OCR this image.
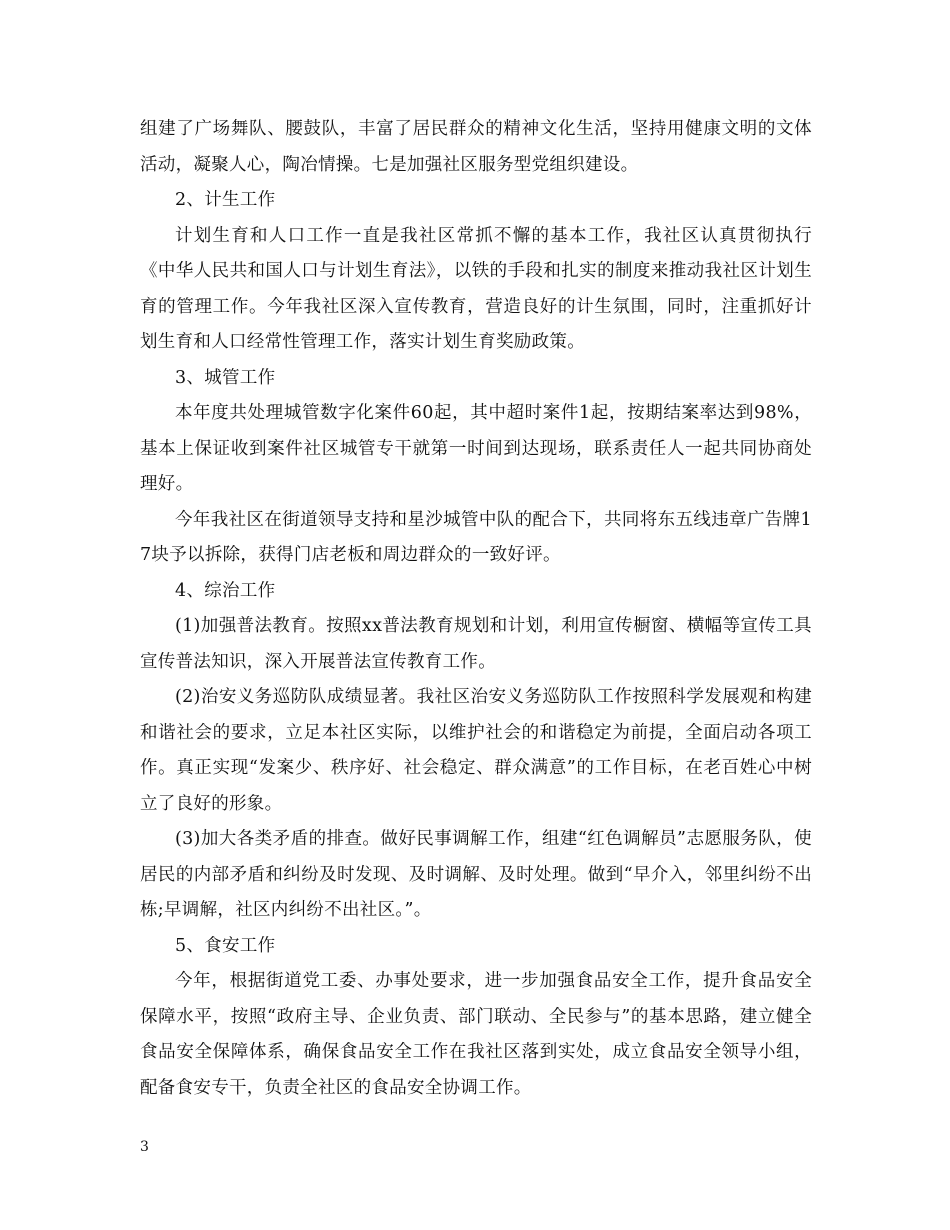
组建了广场舞队、腰鼓队，丰富了居民群众的精神文化生活，坚持用健康文明的文体活动，凝聚人心，陶冶情操。七是加强社区服务型党组织建设。

2、计生工作

计划生育和人口工作一直是我社区常抓不懈的基本工作，我社区认真贯彻执行《中华人民共和国人口与计划生育法》，以铁的手段和扎实的制度来推动我社区计划生育的管理工作。今年我社区深入宣传教育，营造良好的计生氛围，同时，注重抓好计划生育和人口经常性管理工作，落实计划生育奖励政策。

3、城管工作

本年度共处理城管数字化案件60起，其中超时案件1起，按期结案率达到98%，基本上保证收到案件社区城管专干就第一时间到达现场，联系责任人一起共同协商处理好。

今年我社区在街道领导支持和星沙城管中队的配合下，共同将东五线违章广告牌17块予以拆除，获得门店老板和周边群众的一致好评。

4、综治工作

(1)加强普法教育。按照xx普法教育规划和计划，利用宣传橱窗、横幅等宣传工具宣传普法知识，深入开展普法宣传教育工作。

(2)治安义务巡防队成绩显著。我社区治安义务巡防队工作按照科学发展观和构建和谐社会的要求，立足本社区实际，以维护社会的和谐稳定为前提，全面启动各项工作。真正实现“发案少、秩序好、社会稳定、群众满意”的工作目标，在老百姓心中树立了良好的形象。

(3)加大各类矛盾的排查。做好民事调解工作，组建“红色调解员”志愿服务队，使居民的内部矛盾和纠纷及时发现、及时调解、及时处理。做到“早介入，邻里纠纷不出栋;早调解，社区内纠纷不出社区。”。

5、食安工作

今年，根据街道党工委、办事处要求，进一步加强食品安全工作，提升食品安全保障水平，按照“政府主导、企业负责、部门联动、全民参与”的基本思路，建立健全食品安全保障体系，确保食品安全工作在我社区落到实处，成立食品安全领导小组，配备食安专干，负责全社区的食品安全协调工作。

3
